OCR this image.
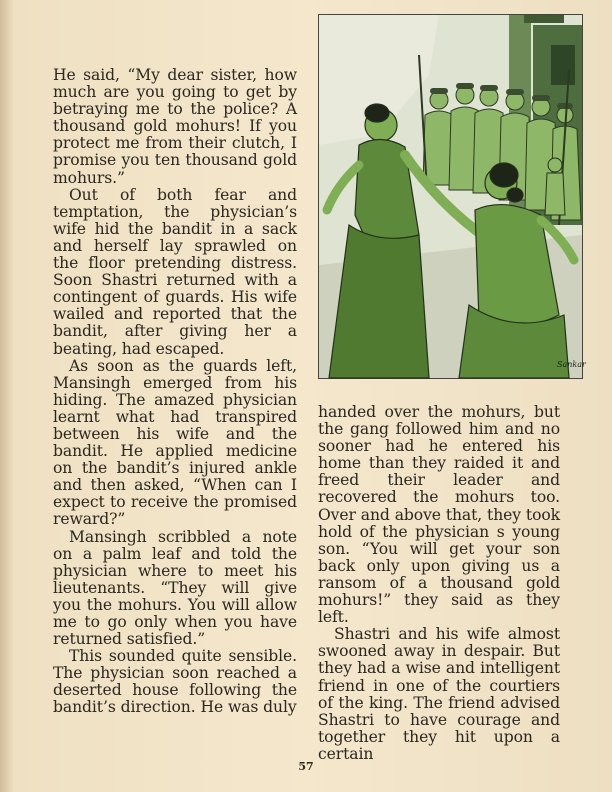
He said, “My dear sister, how much are you going to get by betraying me to the police? A thousand gold mohurs! If you protect me from their clutch, I promise you ten thousand gold mohurs.”

Out of both fear and temptation, the physician’s wife hid the bandit in a sack and herself lay sprawled on the floor pretending distress. Soon Shastri returned with a contingent of guards. His wife wailed and reported that the bandit, after giving her a beating, had escaped.

As soon as the guards left, Mansingh emerged from his hiding. The amazed physician learnt what had transpired between his wife and the bandit. He applied medicine on the bandit’s injured ankle and then asked, “When can I expect to receive the promised reward?”

Mansingh scribbled a note on a palm leaf and told the physician where to meet his lieutenants. “They will give you the mohurs. You will allow me to go only when you have returned satisfied.”

This sounded quite sensible. The physician soon reached a deserted house following the bandit’s direction. He was duly

Sankar

handed over the mohurs, but the gang followed him and no sooner had he entered his home than they raided it and freed their leader and recovered the mohurs too. Over and above that, they took hold of the physician s young son. “You will get your son back only upon giving us a ransom of a thousand gold mohurs!” they said as they left.

Shastri and his wife almost swooned away in despair. But they had a wise and intelligent friend in one of the courtiers of the king. The friend advised Shastri to have courage and together they hit upon a certain

57
